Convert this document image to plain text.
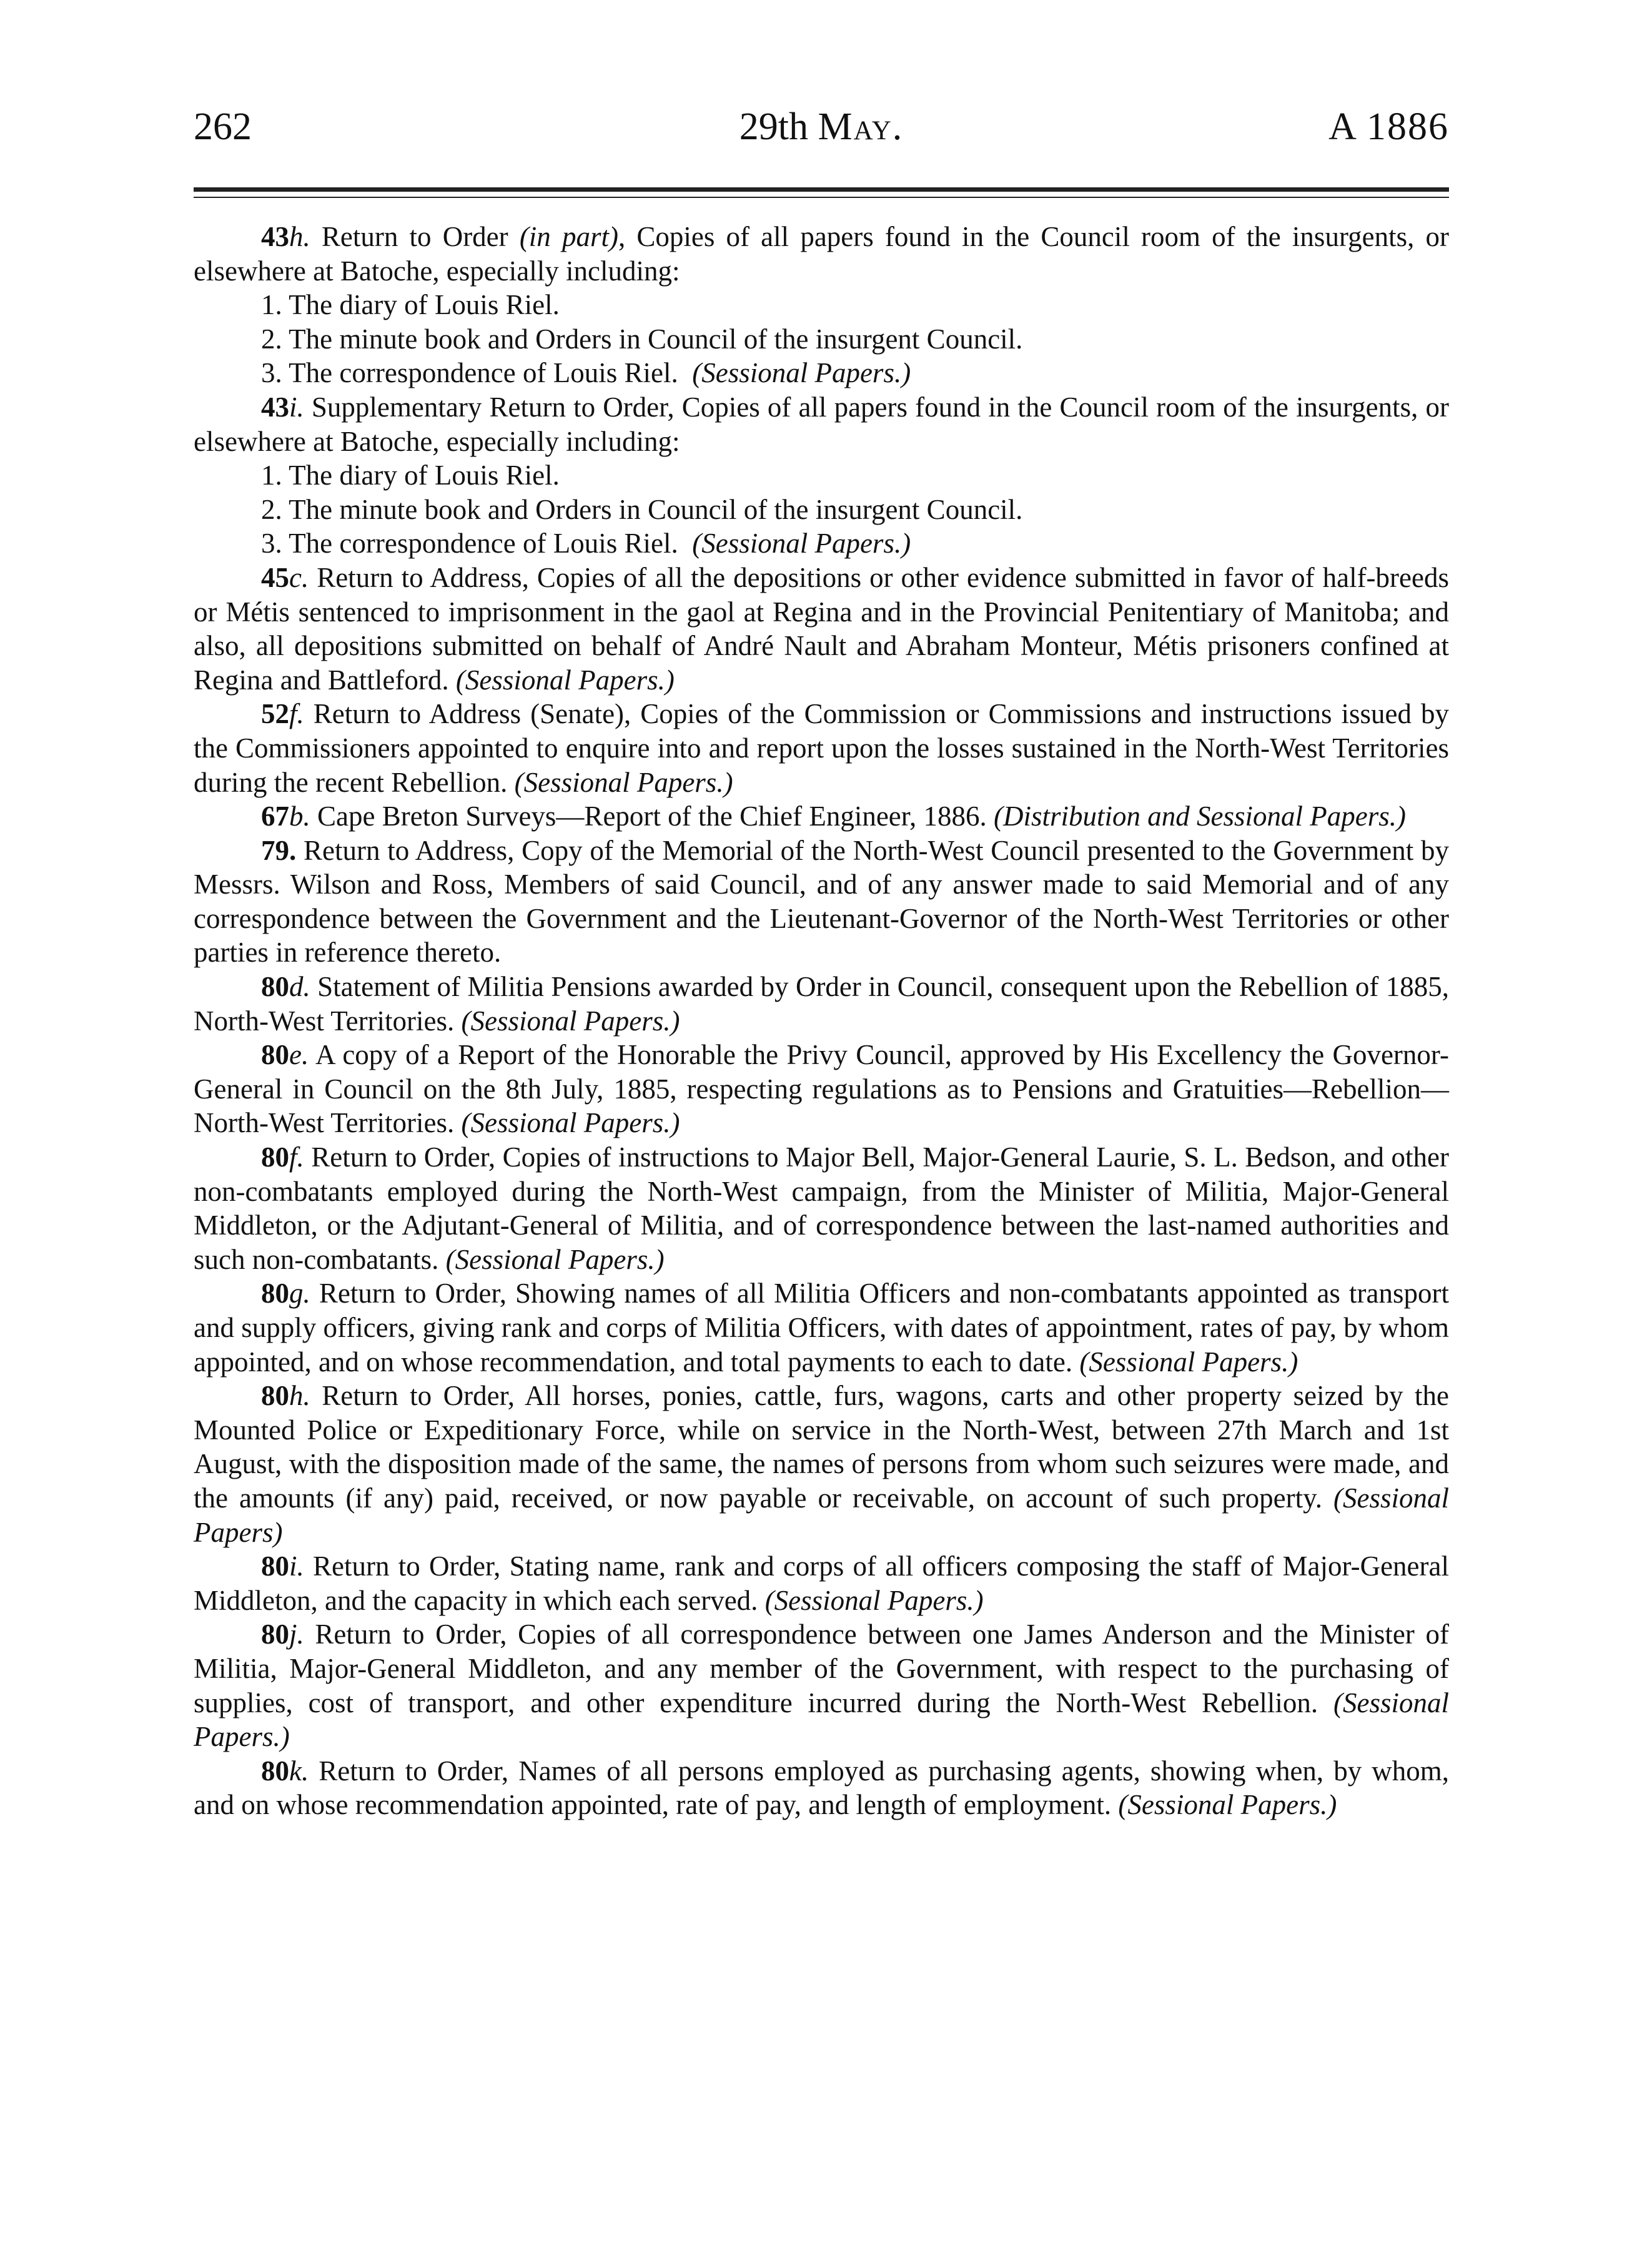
262	29th May.	A 1886
43h. Return to Order (in part), Copies of all papers found in the Council room of the insurgents, or elsewhere at Batoche, especially including:
1. The diary of Louis Riel.
2. The minute book and Orders in Council of the insurgent Council.
3. The correspondence of Louis Riel. (Sessional Papers.)
43i. Supplementary Return to Order, Copies of all papers found in the Council room of the insurgents, or elsewhere at Batoche, especially including:
1. The diary of Louis Riel.
2. The minute book and Orders in Council of the insurgent Council.
3. The correspondence of Louis Riel. (Sessional Papers.)

45c. Return to Address, Copies of all the depositions or other evidence submitted in favor of half-breeds or Métis sentenced to imprisonment in the gaol at Regina and in the Provincial Penitentiary of Manitoba; and also, all depositions submitted on behalf of André Nault and Abraham Monteur, Métis prisoners confined at Regina and Battleford. (Sessional Papers.)

52f. Return to Address (Senate), Copies of the Commission or Commissions and instructions issued by the Commissioners appointed to enquire into and report upon the losses sustained in the North-West Territories during the recent Rebellion. (Sessional Papers.)

67b. Cape Breton Surveys—Report of the Chief Engineer, 1886. (Distribution and Sessional Papers.)

79. Return to Address, Copy of the Memorial of the North-West Council presented to the Government by Messrs. Wilson and Ross, Members of said Council, and of any answer made to said Memorial and of any correspondence between the Government and the Lieutenant-Governor of the North-West Territories or other parties in reference thereto.

80d. Statement of Militia Pensions awarded by Order in Council, consequent upon the Rebellion of 1885, North-West Territories. (Sessional Papers.)

80e. A copy of a Report of the Honorable the Privy Council, approved by His Excellency the Governor-General in Council on the 8th July, 1885, respecting regulations as to Pensions and Gratuities—Rebellion—North-West Territories. (Sessional Papers.)

80f. Return to Order, Copies of instructions to Major Bell, Major-General Laurie, S. L. Bedson, and other non-combatants employed during the North-West campaign, from the Minister of Militia, Major-General Middleton, or the Adjutant-General of Militia, and of correspondence between the last-named authorities and such non-combatants. (Sessional Papers.)

80g. Return to Order, Showing names of all Militia Officers and non-combatants appointed as transport and supply officers, giving rank and corps of Militia Officers, with dates of appointment, rates of pay, by whom appointed, and on whose recommendation, and total payments to each to date. (Sessional Papers.)

80h. Return to Order, All horses, ponies, cattle, furs, wagons, carts and other property seized by the Mounted Police or Expeditionary Force, while on service in the North-West, between 27th March and 1st August, with the disposition made of the same, the names of persons from whom such seizures were made, and the amounts (if any) paid, received, or now payable or receivable, on account of such property. (Sessional Papers)

80i. Return to Order, Stating name, rank and corps of all officers composing the staff of Major-General Middleton, and the capacity in which each served. (Sessional Papers.)

80j. Return to Order, Copies of all correspondence between one James Anderson and the Minister of Militia, Major-General Middleton, and any member of the Government, with respect to the purchasing of supplies, cost of transport, and other expenditure incurred during the North-West Rebellion. (Sessional Papers.)

80k. Return to Order, Names of all persons employed as purchasing agents, showing when, by whom, and on whose recommendation appointed, rate of pay, and length of employment. (Sessional Papers.)
